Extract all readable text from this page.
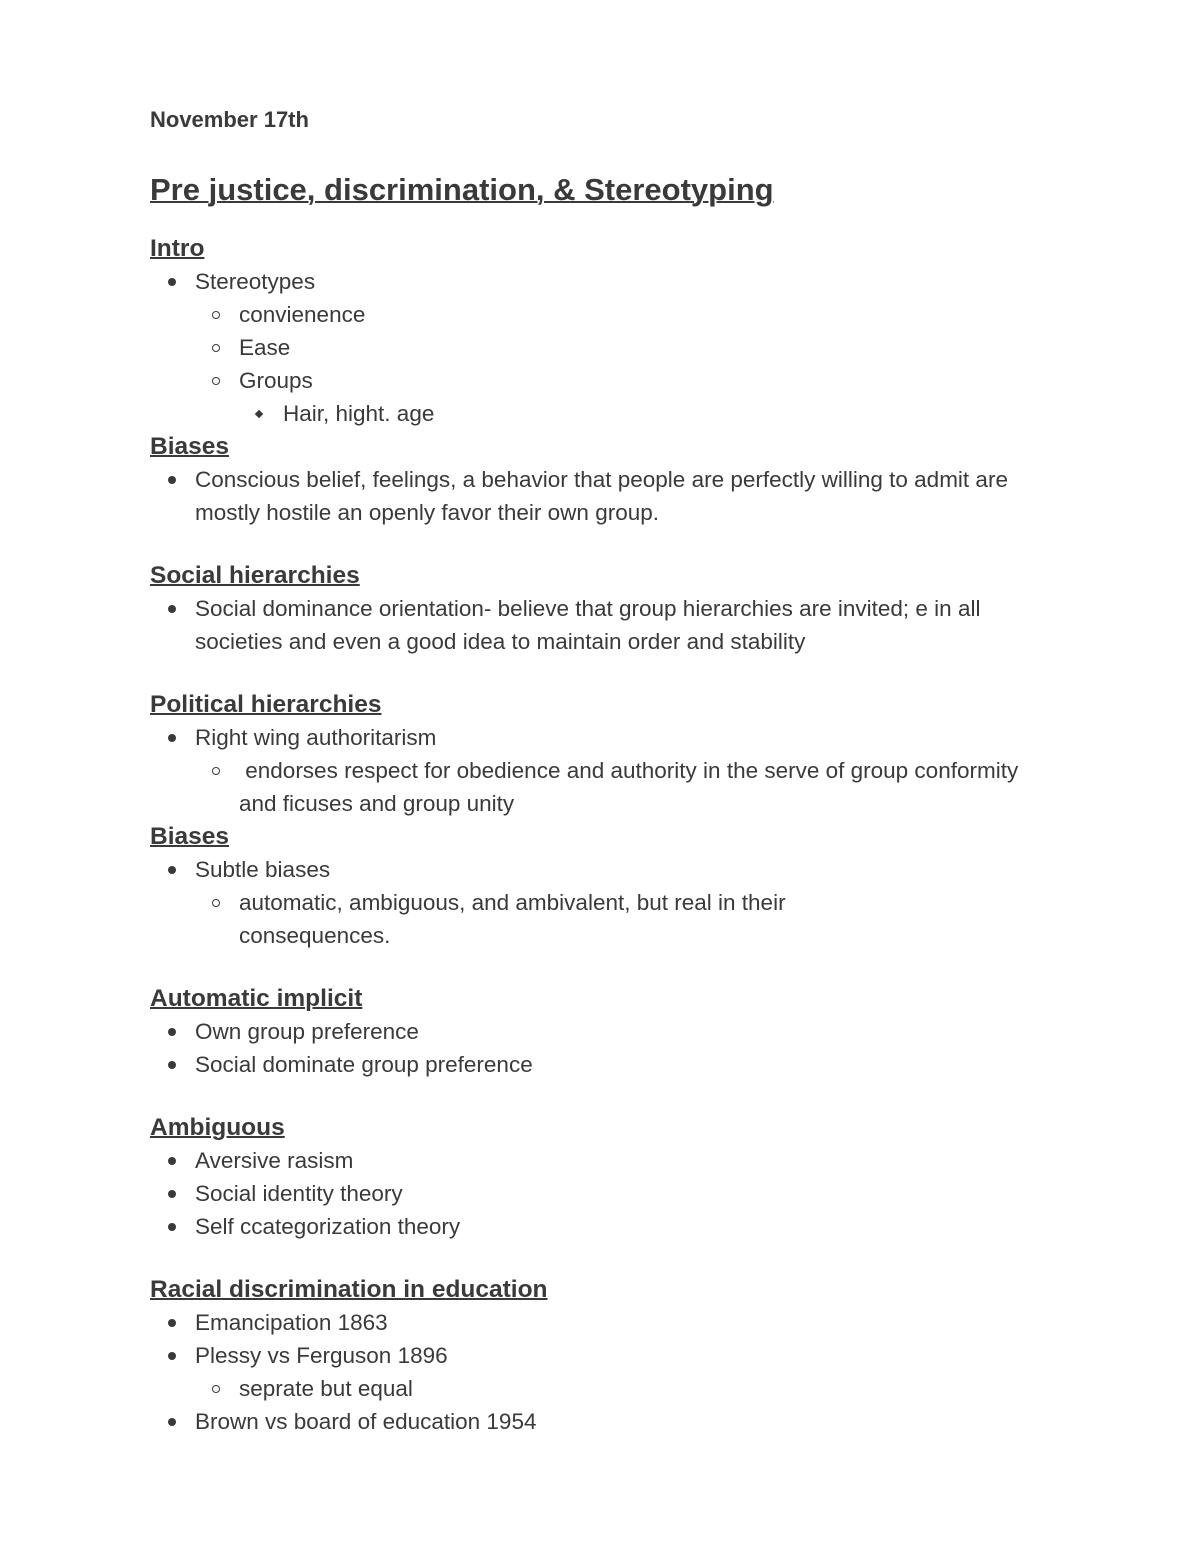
November 17th

Pre justice, discrimination, & Stereotyping
Intro
Stereotypes
convienence
Ease
Groups
Hair, hight. age
Biases
Conscious belief, feelings, a behavior that people are perfectly willing to admit are mostly hostile an openly favor their own group.
Social hierarchies
Social dominance orientation- believe that group hierarchies are invited; e in all societies and even a good idea to maintain order and stability
Political hierarchies
Right wing authoritarism
endorses respect for obedience and authority in the serve of group conformity and ficuses and group unity
Biases
Subtle biases
automatic, ambiguous, and ambivalent, but real in their consequences.
Automatic implicit
Own group preference
Social dominate group preference
Ambiguous
Aversive rasism
Social identity theory
Self ccategorization theory
Racial discrimination in education
Emancipation 1863
Plessy vs Ferguson 1896
seprate but equal
Brown vs board of education 1954
